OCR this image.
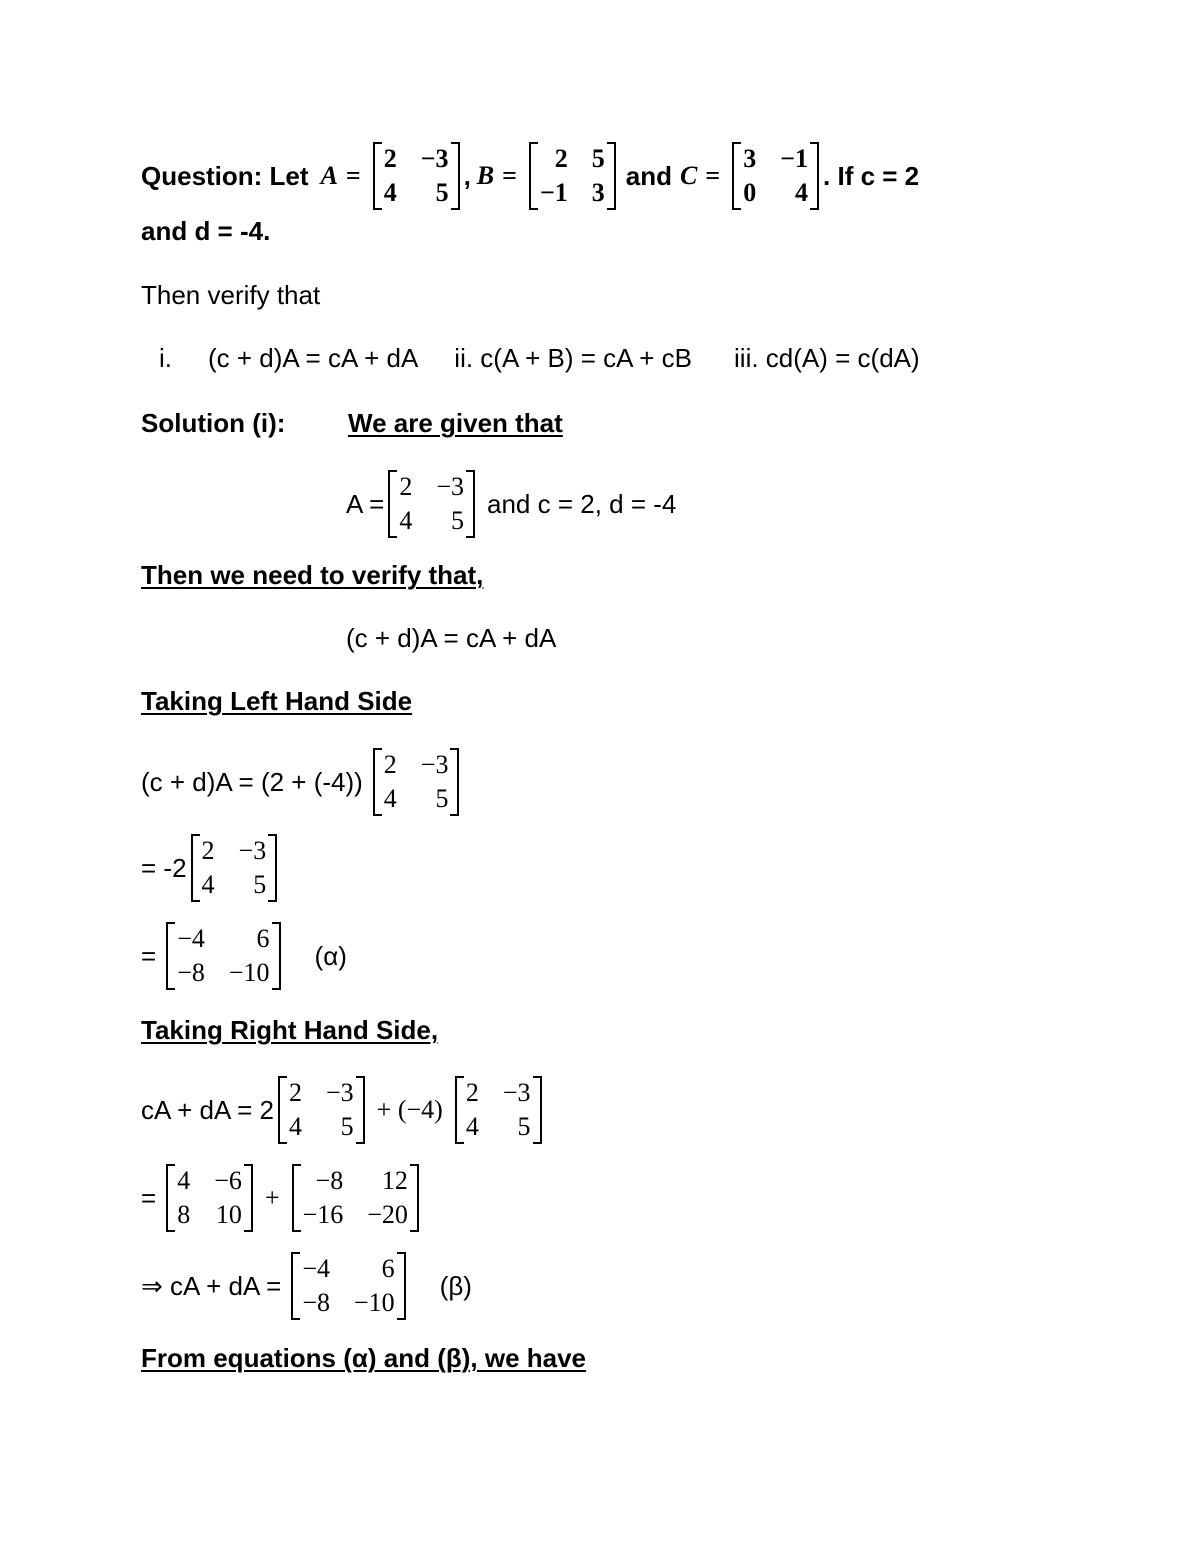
Question: Let A =
2 −3
4	5
, B =
2 5
−1 3
and C =
3 −1
0	4
. If c = 2
and d = -4.
Then verify that
i. (c + d)A = cA + dA ii. c(A + B) = cA + cB iii. cd(A) = c(dA)
Solution (i): We are given that
A =
2 −3
4	5
and c = 2, d = -4
Then we need to verify that,
(c + d)A = cA + dA
Taking Left Hand Side
(c + d)A = (2 + (-4))
2 −3
4	5
= -2
2 −3
4	5
=
−4	6
−8 −10
(α)
Taking Right Hand Side,
cA + dA = 2
2 −3
4	5
+ (−4)
2 −3
4	5
=
4 −6
8 10
+
−8	12
−16 −20
⇒ cA + dA =
−4	6
−8 −10
(β)
From equations (α) and (β), we have
